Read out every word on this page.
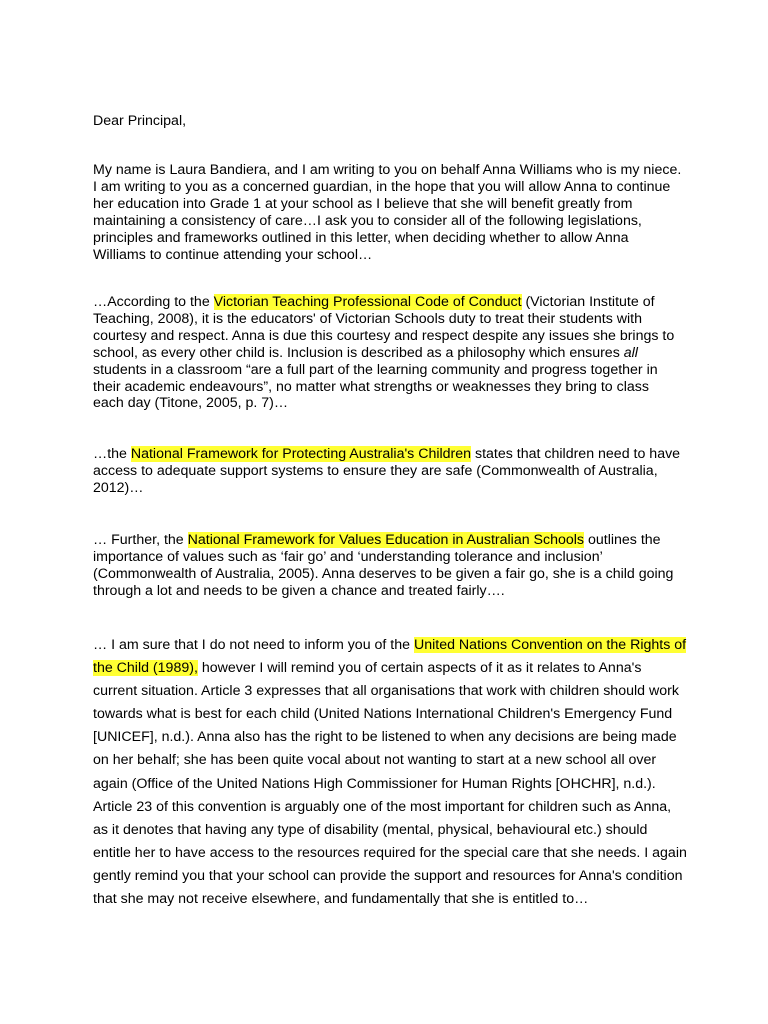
Dear Principal,

My name is Laura Bandiera, and I am writing to you on behalf Anna Williams who is my niece. I am writing to you as a concerned guardian, in the hope that you will allow Anna to continue her education into Grade 1 at your school as I believe that she will benefit greatly from maintaining a consistency of care…I ask you to consider all of the following legislations, principles and frameworks outlined in this letter, when deciding whether to allow Anna Williams to continue attending your school…

…According to the Victorian Teaching Professional Code of Conduct (Victorian Institute of Teaching, 2008), it is the educators' of Victorian Schools duty to treat their students with courtesy and respect. Anna is due this courtesy and respect despite any issues she brings to school, as every other child is. Inclusion is described as a philosophy which ensures all students in a classroom “are a full part of the learning community and progress together in their academic endeavours”, no matter what strengths or weaknesses they bring to class each day (Titone, 2005, p. 7)…

…the National Framework for Protecting Australia's Children states that children need to have access to adequate support systems to ensure they are safe (Commonwealth of Australia, 2012)…

… Further, the National Framework for Values Education in Australian Schools outlines the importance of values such as ‘fair go’ and ‘understanding tolerance and inclusion’ (Commonwealth of Australia, 2005). Anna deserves to be given a fair go, she is a child going through a lot and needs to be given a chance and treated fairly….

… I am sure that I do not need to inform you of the United Nations Convention on the Rights of the Child (1989), however I will remind you of certain aspects of it as it relates to Anna's current situation. Article 3 expresses that all organisations that work with children should work towards what is best for each child (United Nations International Children's Emergency Fund [UNICEF], n.d.). Anna also has the right to be listened to when any decisions are being made on her behalf; she has been quite vocal about not wanting to start at a new school all over again (Office of the United Nations High Commissioner for Human Rights [OHCHR], n.d.). Article 23 of this convention is arguably one of the most important for children such as Anna, as it denotes that having any type of disability (mental, physical, behavioural etc.) should entitle her to have access to the resources required for the special care that she needs. I again gently remind you that your school can provide the support and resources for Anna's condition that she may not receive elsewhere, and fundamentally that she is entitled to…
